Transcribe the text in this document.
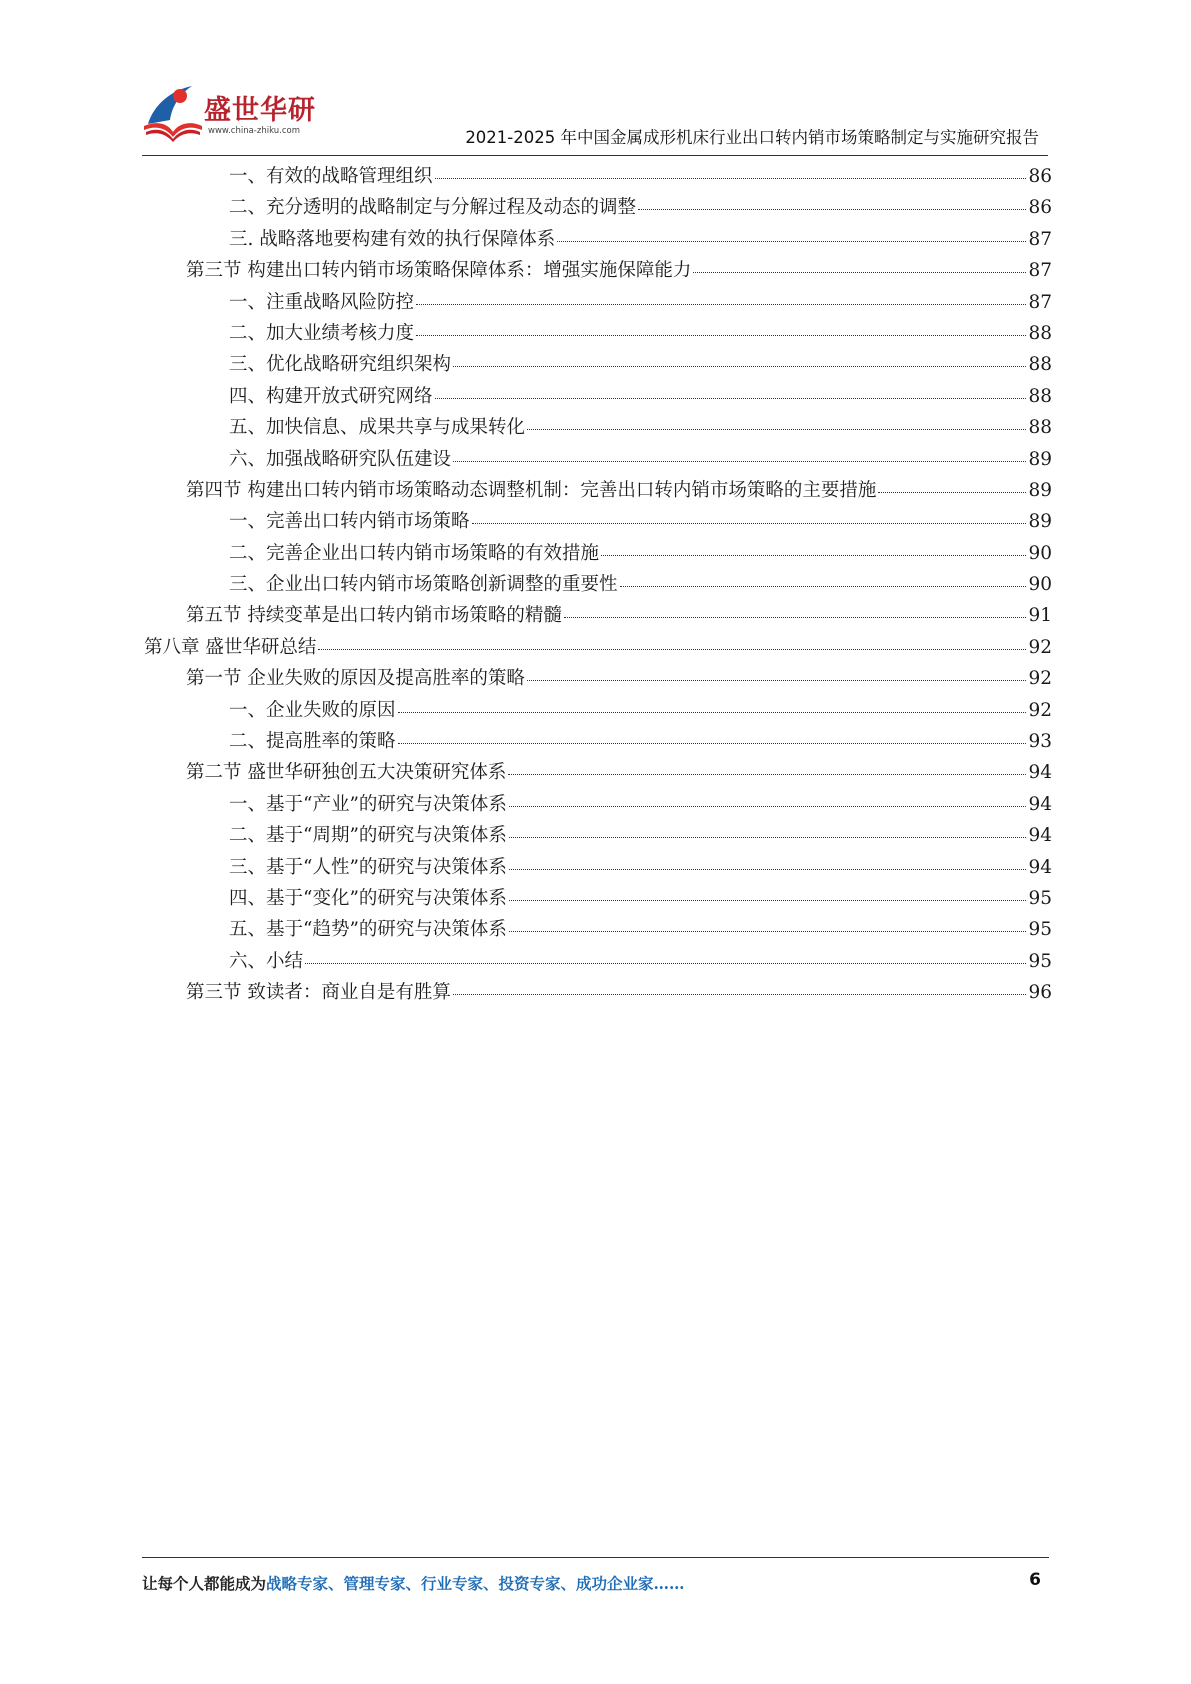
盛世华研
www.china-zhiku.com	2021-2025 年中国金属成形机床行业出口转内销市场策略制定与实施研究报告
一、有效的战略管理组织	86
二、充分透明的战略制定与分解过程及动态的调整	86
三. 战略落地要构建有效的执行保障体系	87
第三节 构建出口转内销市场策略保障体系：增强实施保障能力	87
一、注重战略风险防控	87
二、加大业绩考核力度	88
三、优化战略研究组织架构	88
四、构建开放式研究网络	88
五、加快信息、成果共享与成果转化	88
六、加强战略研究队伍建设	89
第四节 构建出口转内销市场策略动态调整机制：完善出口转内销市场策略的主要措施	89
一、完善出口转内销市场策略	89
二、完善企业出口转内销市场策略的有效措施	90
三、企业出口转内销市场策略创新调整的重要性	90
第五节 持续变革是出口转内销市场策略的精髓	91
第八章 盛世华研总结	92
第一节 企业失败的原因及提高胜率的策略	92
一、企业失败的原因	92
二、提高胜率的策略	93
第二节 盛世华研独创五大决策研究体系	94
一、基于“产业”的研究与决策体系	94
二、基于“周期”的研究与决策体系	94
三、基于“人性”的研究与决策体系	94
四、基于“变化”的研究与决策体系	95
五、基于“趋势”的研究与决策体系	95
六、小结	95
第三节 致读者：商业自是有胜算	96
让每个人都能成为战略专家、管理专家、行业专家、投资专家、成功企业家……	6
